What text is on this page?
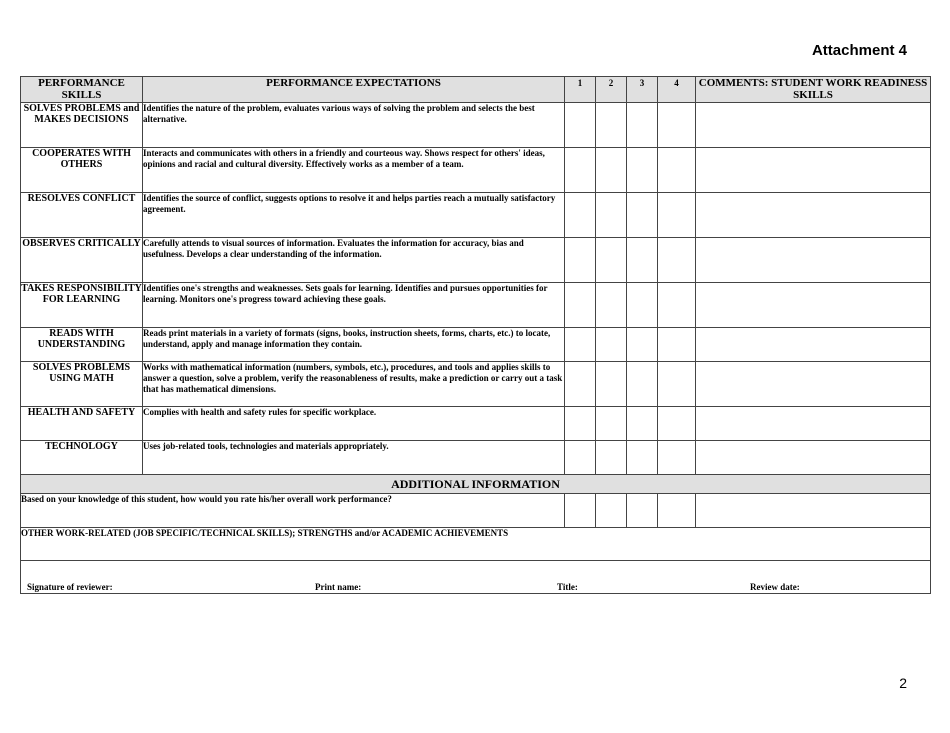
Attachment 4
PERFORMANCE SKILLS	PERFORMANCE EXPECTATIONS	1	2	3	4	COMMENTS: STUDENT WORK READINESS SKILLS
SOLVES PROBLEMS and MAKES DECISIONS	Identifies the nature of the problem, evaluates various ways of solving the problem and selects the best alternative.					
COOPERATES WITH OTHERS	Interacts and communicates with others in a friendly and courteous way. Shows respect for others' ideas, opinions and racial and cultural diversity. Effectively works as a member of a team.					
RESOLVES CONFLICT	Identifies the source of conflict, suggests options to resolve it and helps parties reach a mutually satisfactory agreement.					
OBSERVES CRITICALLY	Carefully attends to visual sources of information. Evaluates the information for accuracy, bias and usefulness. Develops a clear understanding of the information.					
TAKES RESPONSIBILITY FOR LEARNING	Identifies one's strengths and weaknesses. Sets goals for learning. Identifies and pursues opportunities for learning. Monitors one's progress toward achieving these goals.					
READS WITH UNDERSTANDING	Reads print materials in a variety of formats (signs, books, instruction sheets, forms, charts, etc.) to locate, understand, apply and manage information they contain.					
SOLVES PROBLEMS USING MATH	Works with mathematical information (numbers, symbols, etc.), procedures, and tools and applies skills to answer a question, solve a problem, verify the reasonableness of results, make a prediction or carry out a task that has mathematical dimensions.					
HEALTH AND SAFETY	Complies with health and safety rules for specific workplace.					
TECHNOLOGY	Uses job-related tools, technologies and materials appropriately.					
ADDITIONAL INFORMATION						
Based on your knowledge of this student, how would you rate his/her overall work performance?						
OTHER WORK-RELATED (JOB SPECIFIC/TECHNICAL SKILLS); STRENGTHS and/or ACADEMIC ACHIEVEMENTS						

Signature of reviewer: Print name: Title: Review date:						
2
